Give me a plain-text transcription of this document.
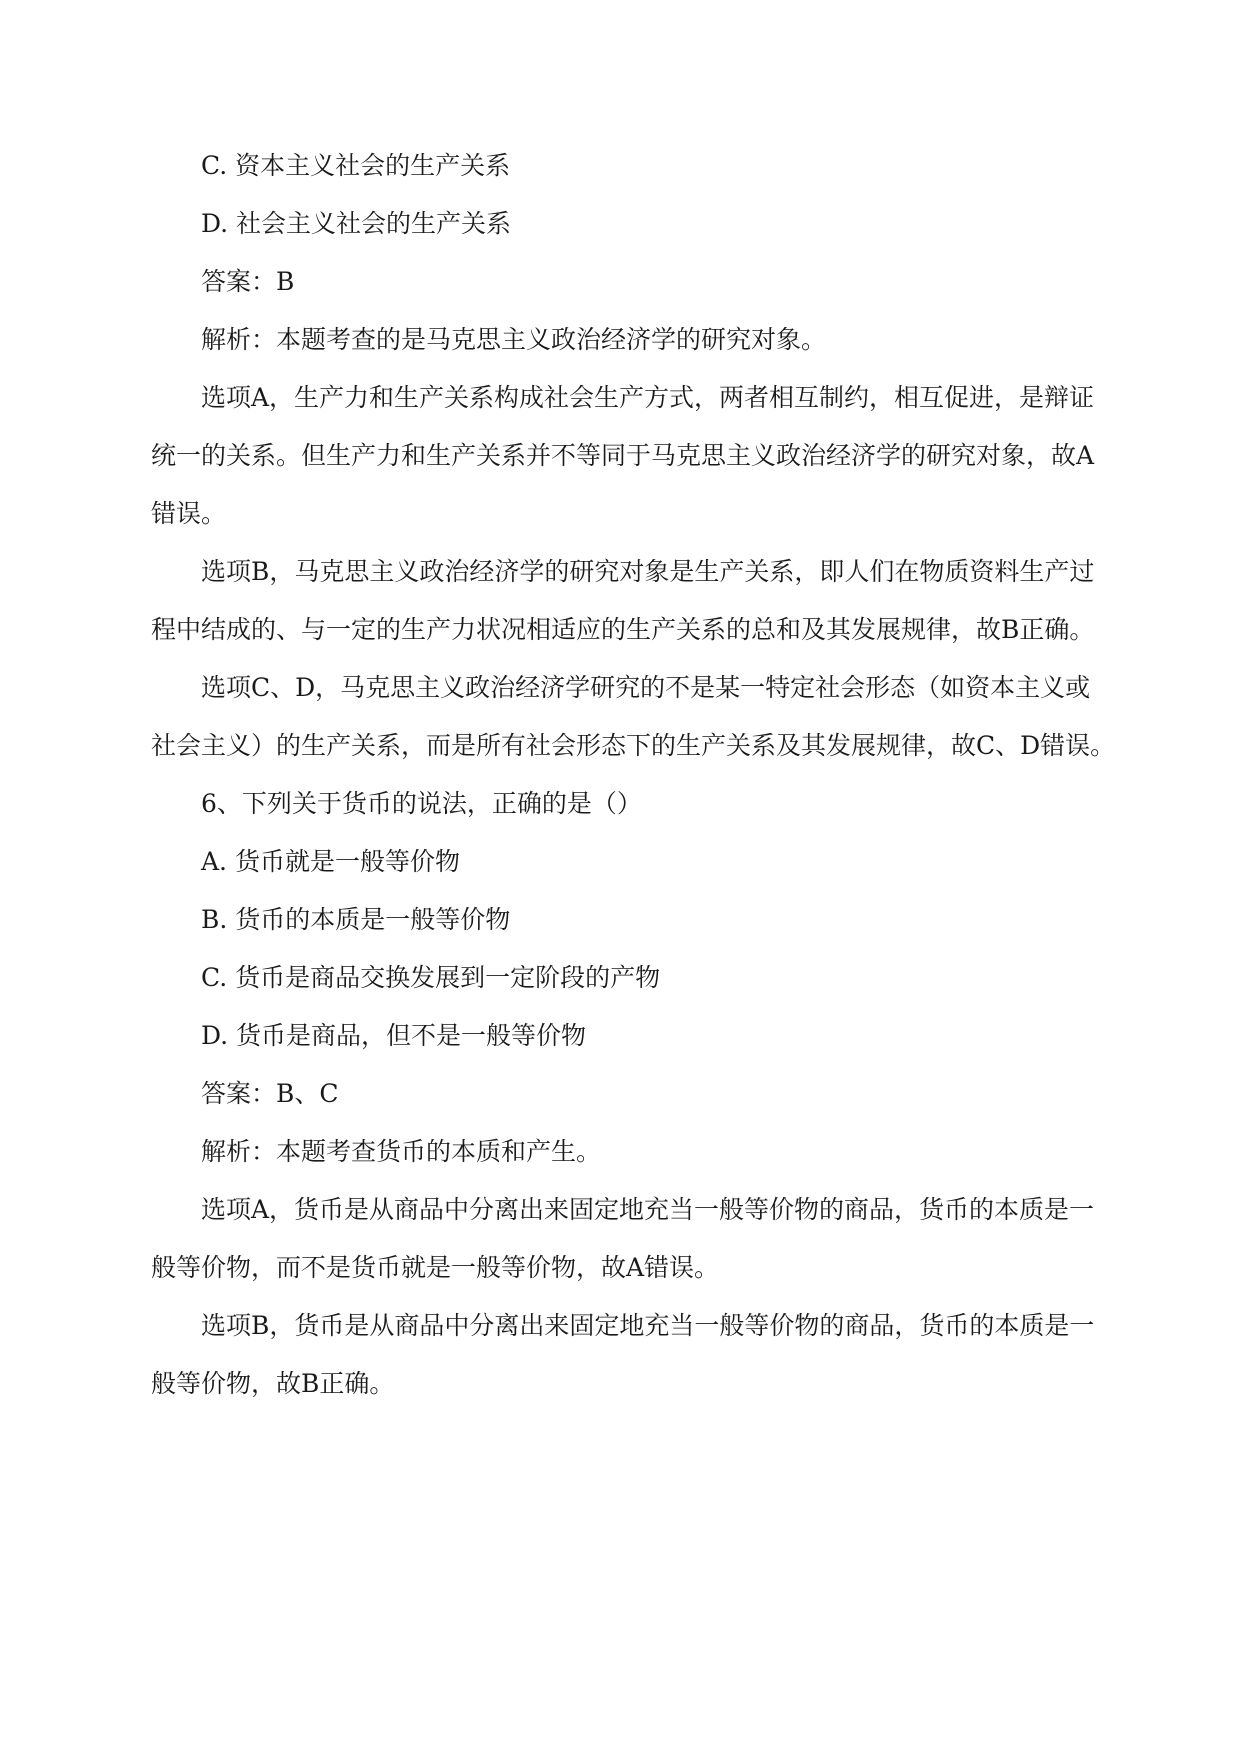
C. 资本主义社会的生产关系
D. 社会主义社会的生产关系
答案：B
解析：本题考查的是马克思主义政治经济学的研究对象。
选项A，生产力和生产关系构成社会生产方式，两者相互制约，相互促进，是辩证
统一的关系。但生产力和生产关系并不等同于马克思主义政治经济学的研究对象，故A
错误。
选项B，马克思主义政治经济学的研究对象是生产关系，即人们在物质资料生产过
程中结成的、与一定的生产力状况相适应的生产关系的总和及其发展规律，故B正确。
选项C、D，马克思主义政治经济学研究的不是某一特定社会形态（如资本主义或
社会主义）的生产关系，而是所有社会形态下的生产关系及其发展规律，故C、D错误。
6、下列关于货币的说法，正确的是（）
A. 货币就是一般等价物
B. 货币的本质是一般等价物
C. 货币是商品交换发展到一定阶段的产物
D. 货币是商品，但不是一般等价物
答案：B、C
解析：本题考查货币的本质和产生。
选项A，货币是从商品中分离出来固定地充当一般等价物的商品，货币的本质是一
般等价物，而不是货币就是一般等价物，故A错误。
选项B，货币是从商品中分离出来固定地充当一般等价物的商品，货币的本质是一
般等价物，故B正确。
